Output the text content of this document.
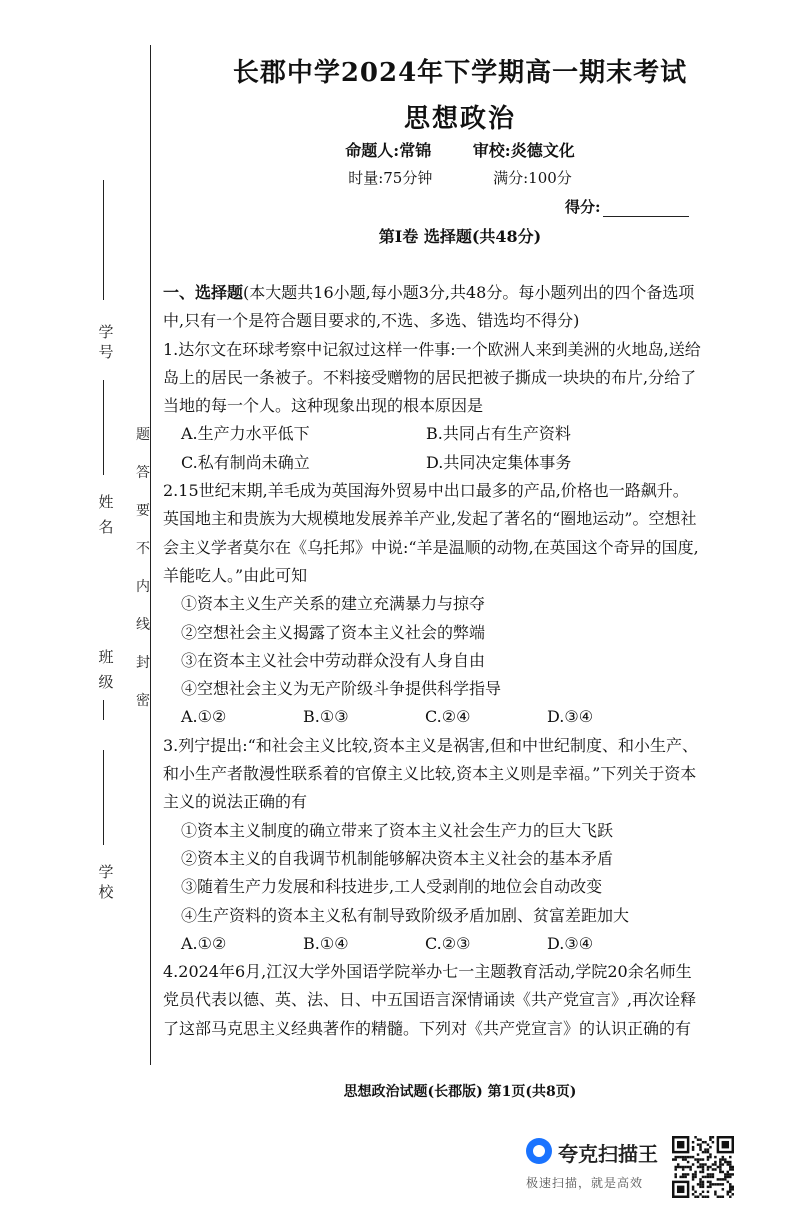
学
号
姓
名
班
级
学
校
密
封
线
内
不
要
答
题
长郡中学2024年下学期高一期末考试
思想政治
命题人:常锦	审校:炎德文化
时量:75分钟	满分:100分
得分:
第Ⅰ卷 选择题(共48分)

一、选择题(本大题共16小题,每小题3分,共48分。每小题列出的四个备选项中,只有一个是符合题目要求的,不选、多选、错选均不得分)

1.达尔文在环球考察中记叙过这样一件事:一个欧洲人来到美洲的火地岛,送给岛上的居民一条被子。不料接受赠物的居民把被子撕成一块块的布片,分给了当地的每一个人。这种现象出现的根本原因是

A.生产力水平低下	B.共同占有生产资料
C.私有制尚未确立	D.共同决定集体事务

2.15世纪末期,羊毛成为英国海外贸易中出口最多的产品,价格也一路飙升。英国地主和贵族为大规模地发展养羊产业,发起了著名的“圈地运动”。空想社会主义学者莫尔在《乌托邦》中说:“羊是温顺的动物,在英国这个奇异的国度,羊能吃人。”由此可知

①资本主义生产关系的建立充满暴力与掠夺

②空想社会主义揭露了资本主义社会的弊端

③在资本主义社会中劳动群众没有人身自由

④空想社会主义为无产阶级斗争提供科学指导

A.①②	B.①③	C.②④	D.③④

3.列宁提出:“和社会主义比较,资本主义是祸害,但和中世纪制度、和小生产、和小生产者散漫性联系着的官僚主义比较,资本主义则是幸福。”下列关于资本主义的说法正确的有

①资本主义制度的确立带来了资本主义社会生产力的巨大飞跃

②资本主义的自我调节机制能够解决资本主义社会的基本矛盾

③随着生产力发展和科技进步,工人受剥削的地位会自动改变

④生产资料的资本主义私有制导致阶级矛盾加剧、贫富差距加大

A.①②	B.①④	C.②③	D.③④

4.2024年6月,江汉大学外国语学院举办七一主题教育活动,学院20余名师生党员代表以德、英、法、日、中五国语言深情诵读《共产党宣言》,再次诠释了这部马克思主义经典著作的精髓。下列对《共产党宣言》的认识正确的有

思想政治试题(长郡版) 第1页(共8页)
夸克扫描王
极速扫描，就是高效
